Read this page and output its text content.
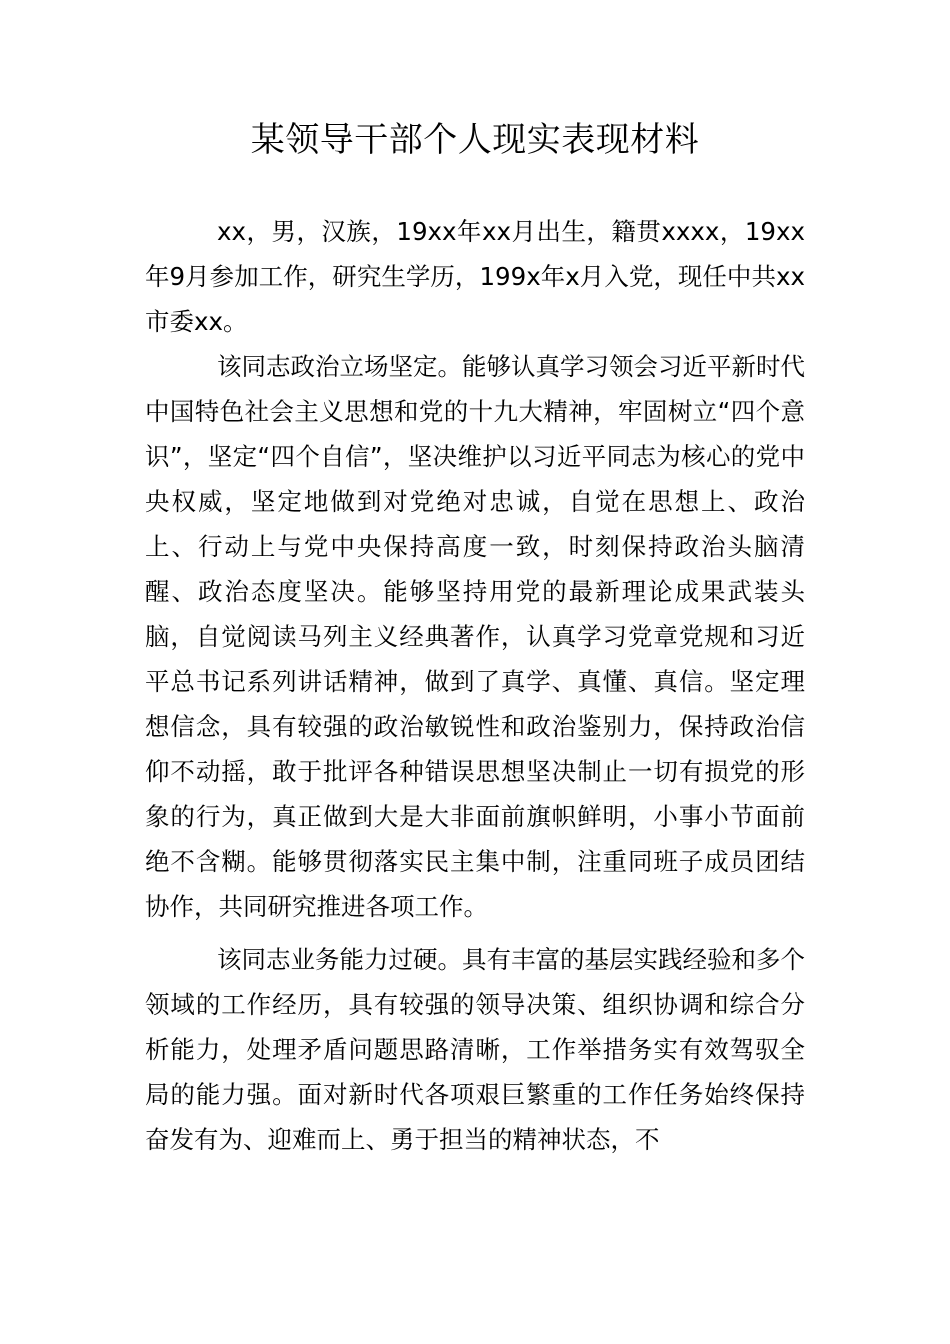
某领导干部个人现实表现材料

xx，男，汉族，19xx年xx月出生，籍贯xxxx，19xx年9月参加工作，研究生学历，199x年x月入党，现任中共xx市委xx。

该同志政治立场坚定。能够认真学习领会习近平新时代中国特色社会主义思想和党的十九大精神，牢固树立“四个意识”，坚定“四个自信”，坚决维护以习近平同志为核心的党中央权威，坚定地做到对党绝对忠诚，自觉在思想上、政治上、行动上与党中央保持高度一致，时刻保持政治头脑清醒、政治态度坚决。能够坚持用党的最新理论成果武装头脑，自觉阅读马列主义经典著作，认真学习党章党规和习近平总书记系列讲话精神，做到了真学、真懂、真信。坚定理想信念，具有较强的政治敏锐性和政治鉴别力，保持政治信仰不动摇，敢于批评各种错误思想坚决制止一切有损党的形象的行为，真正做到大是大非面前旗帜鲜明，小事小节面前绝不含糊。能够贯彻落实民主集中制，注重同班子成员团结协作，共同研究推进各项工作。

该同志业务能力过硬。具有丰富的基层实践经验和多个领域的工作经历，具有较强的领导决策、组织协调和综合分析能力，处理矛盾问题思路清晰，工作举措务实有效驾驭全局的能力强。面对新时代各项艰巨繁重的工作任务始终保持奋发有为、迎难而上、勇于担当的精神状态，不
